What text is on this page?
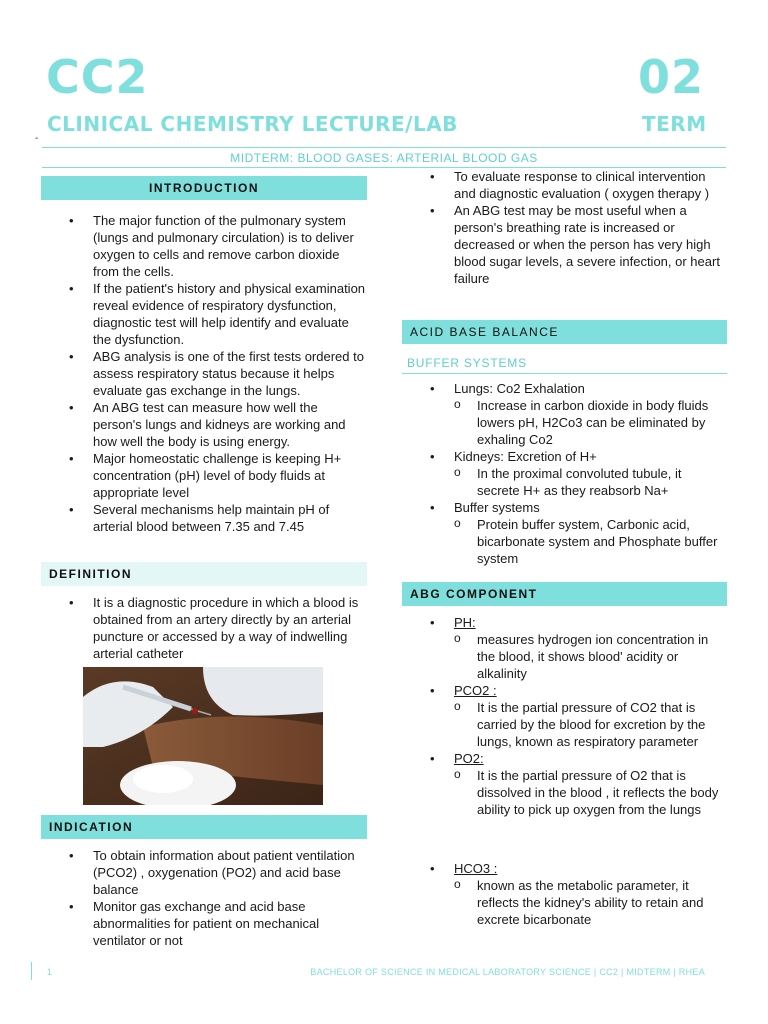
CC2	02
CLINICAL CHEMISTRY LECTURE/LAB	TERM
-
MIDTERM: BLOOD GASES: ARTERIAL BLOOD GAS
INTRODUCTION
• The major function of the pulmonary system (lungs and pulmonary circulation) is to deliver oxygen to cells and remove carbon dioxide from the cells.
• If the patient's history and physical examination reveal evidence of respiratory dysfunction, diagnostic test will help identify and evaluate the dysfunction.
• ABG analysis is one of the first tests ordered to assess respiratory status because it helps evaluate gas exchange in the lungs.
• An ABG test can measure how well the person's lungs and kidneys are working and how well the body is using energy.
• Major homeostatic challenge is keeping H+ concentration (pH) level of body fluids at appropriate level
• Several mechanisms help maintain pH of arterial blood between 7.35 and 7.45
DEFINITION
• It is a diagnostic procedure in which a blood is obtained from an artery directly by an arterial puncture or accessed by a way of indwelling arterial catheter
INDICATION
• To obtain information about patient ventilation (PCO2) , oxygenation (PO2) and acid base balance
• Monitor gas exchange and acid base abnormalities for patient on mechanical ventilator or not
• To evaluate response to clinical intervention and diagnostic evaluation ( oxygen therapy )
• An ABG test may be most useful when a person's breathing rate is increased or decreased or when the person has very high blood sugar levels, a severe infection, or heart failure
ACID BASE BALANCE
BUFFER SYSTEMS
• Lungs: Co2 Exhalation
o Increase in carbon dioxide in body fluids lowers pH, H2Co3 can be eliminated by exhaling Co2
• Kidneys: Excretion of H+
o In the proximal convoluted tubule, it secrete H+ as they reabsorb Na+
• Buffer systems
o Protein buffer system, Carbonic acid, bicarbonate system and Phosphate buffer system
ABG COMPONENT
• PH:
o measures hydrogen ion concentration in the blood, it shows blood' acidity or alkalinity
• PCO2 :
o It is the partial pressure of CO2 that is carried by the blood for excretion by the lungs, known as respiratory parameter
• PO2:
o It is the partial pressure of O2 that is dissolved in the blood , it reflects the body ability to pick up oxygen from the lungs
• HCO3 :
o known as the metabolic parameter, it reflects the kidney's ability to retain and excrete bicarbonate
1	BACHELOR OF SCIENCE IN MEDICAL LABORATORY SCIENCE | CC2 | MIDTERM | RHEA
